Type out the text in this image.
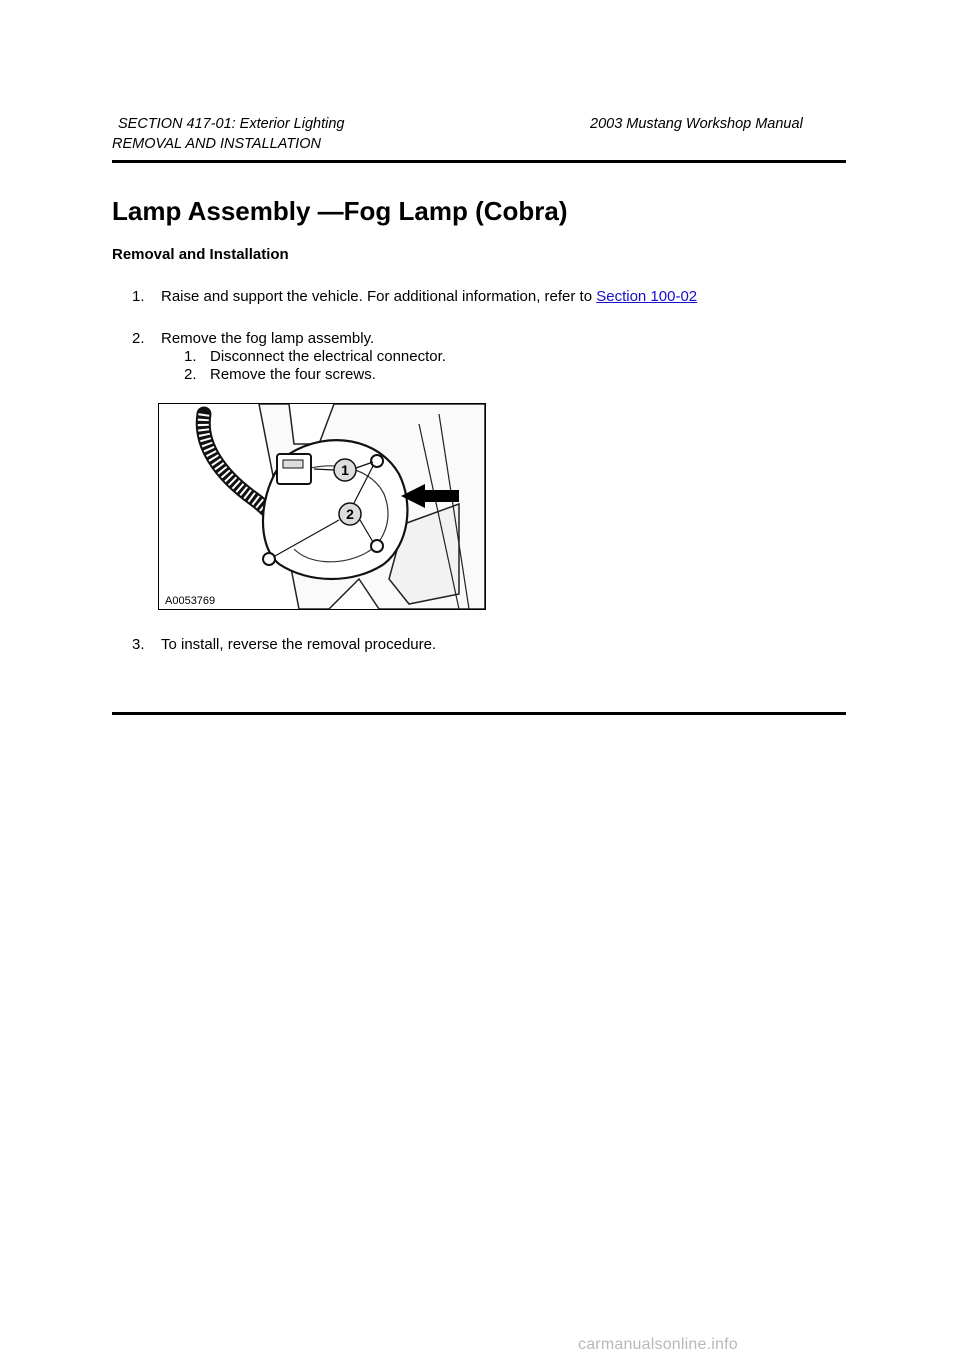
SECTION 417-01: Exterior Lighting	2003 Mustang Workshop Manual
REMOVAL AND INSTALLATION
Lamp Assembly —Fog Lamp (Cobra)
Removal and Installation
1. Raise and support the vehicle. For additional information, refer to Section 100-02
2. Remove the fog lamp assembly.
1. Disconnect the electrical connector.
2. Remove the four screws.
1
2
A0053769
3. To install, reverse the removal procedure.
carmanualsonline.info
